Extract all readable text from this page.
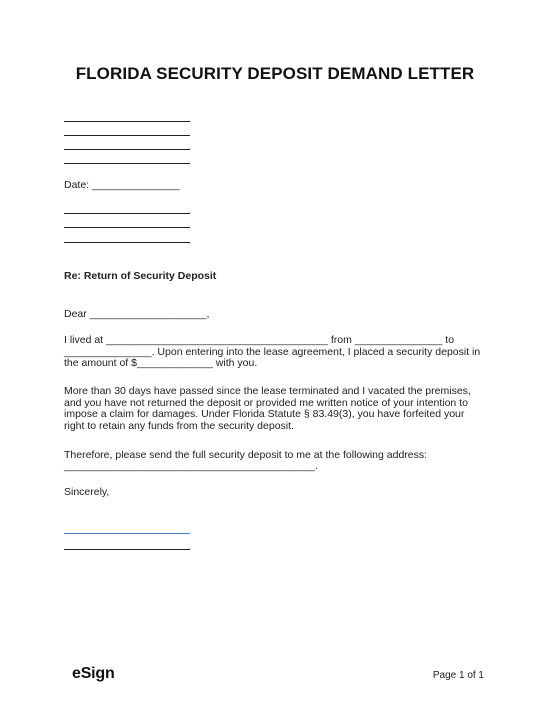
FLORIDA SECURITY DEPOSIT DEMAND LETTER
Date: _______________
Re: Return of Security Deposit
Dear ____________________,
I lived at ______________________________________ from _______________ to _______________. Upon entering into the lease agreement, I placed a security deposit in the amount of $_____________ with you.
More than 30 days have passed since the lease terminated and I vacated the premises, and you have not returned the deposit or provided me written notice of your intention to impose a claim for damages. Under Florida Statute § 83.49(3), you have forfeited your right to retain any funds from the security deposit.
Therefore, please send the full security deposit to me at the following address:
___________________________________________.
Sincerely,
eSign	Page 1 of 1
